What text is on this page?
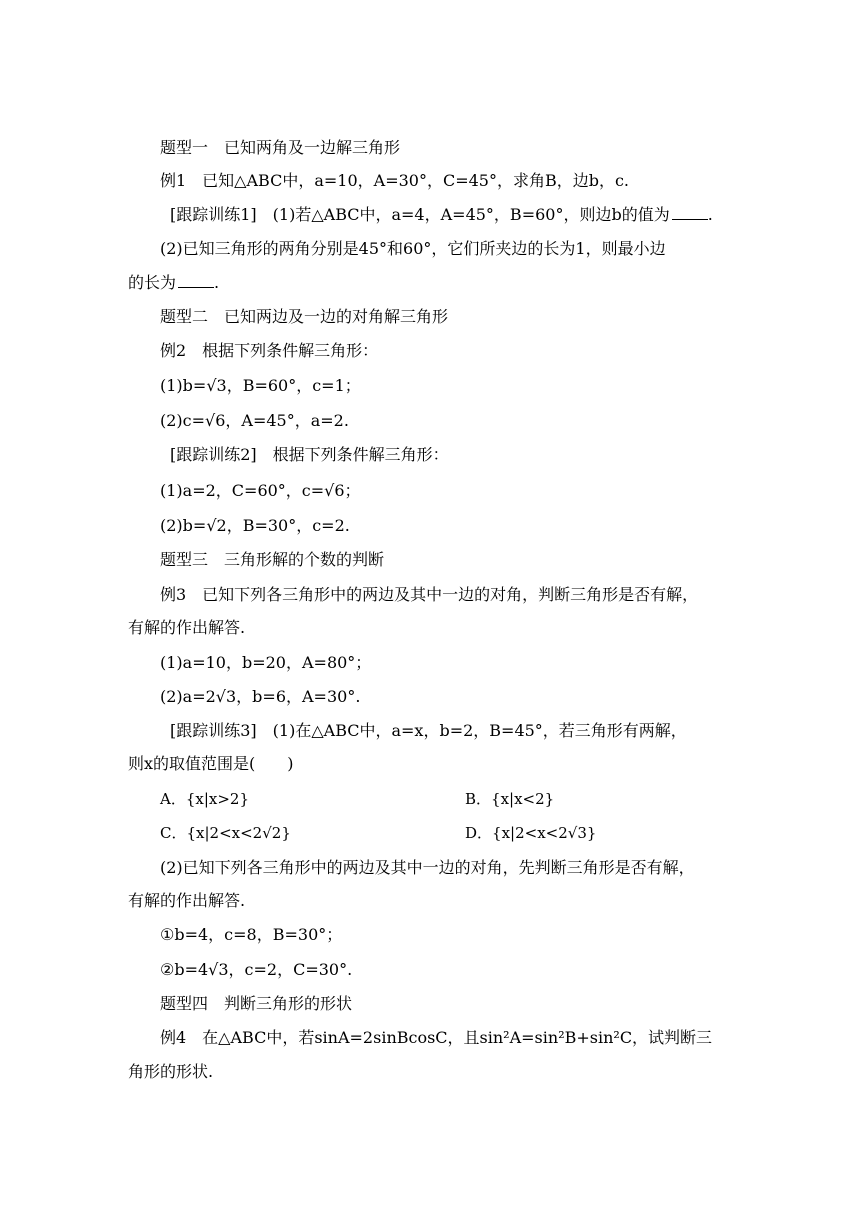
题型一　已知两角及一边解三角形
例1　已知△ABC中，a=10，A=30°，C=45°，求角B，边b，c.
[跟踪训练1]　(1)若△ABC中，a=4，A=45°，B=60°，则边b的值为 .
(2)已知三角形的两角分别是45°和60°，它们所夹边的长为1，则最小边
的长为 .
题型二　已知两边及一边的对角解三角形
例2　根据下列条件解三角形：
(1)b=√3，B=60°，c=1；
(2)c=√6，A=45°，a=2.
[跟踪训练2]　根据下列条件解三角形：
(1)a=2，C=60°，c=√6；
(2)b=√2，B=30°，c=2.
题型三　三角形解的个数的判断
例3　已知下列各三角形中的两边及其中一边的对角，判断三角形是否有解，
有解的作出解答.
(1)a=10，b=20，A=80°；
(2)a=2√3，b=6，A=30°.
[跟踪训练3]　(1)在△ABC中，a=x，b=2，B=45°，若三角形有两解，
则x的取值范围是(　　)
A．{x|x>2}	B．{x|x<2}
C．{x|2<x<2√2}	D．{x|2<x<2√3}
(2)已知下列各三角形中的两边及其中一边的对角，先判断三角形是否有解，
有解的作出解答.
①b=4，c=8，B=30°；
②b=4√3，c=2，C=30°.
题型四　判断三角形的形状
例4　在△ABC中，若sinA=2sinBcosC，且sin²A=sin²B+sin²C，试判断三
角形的形状.
